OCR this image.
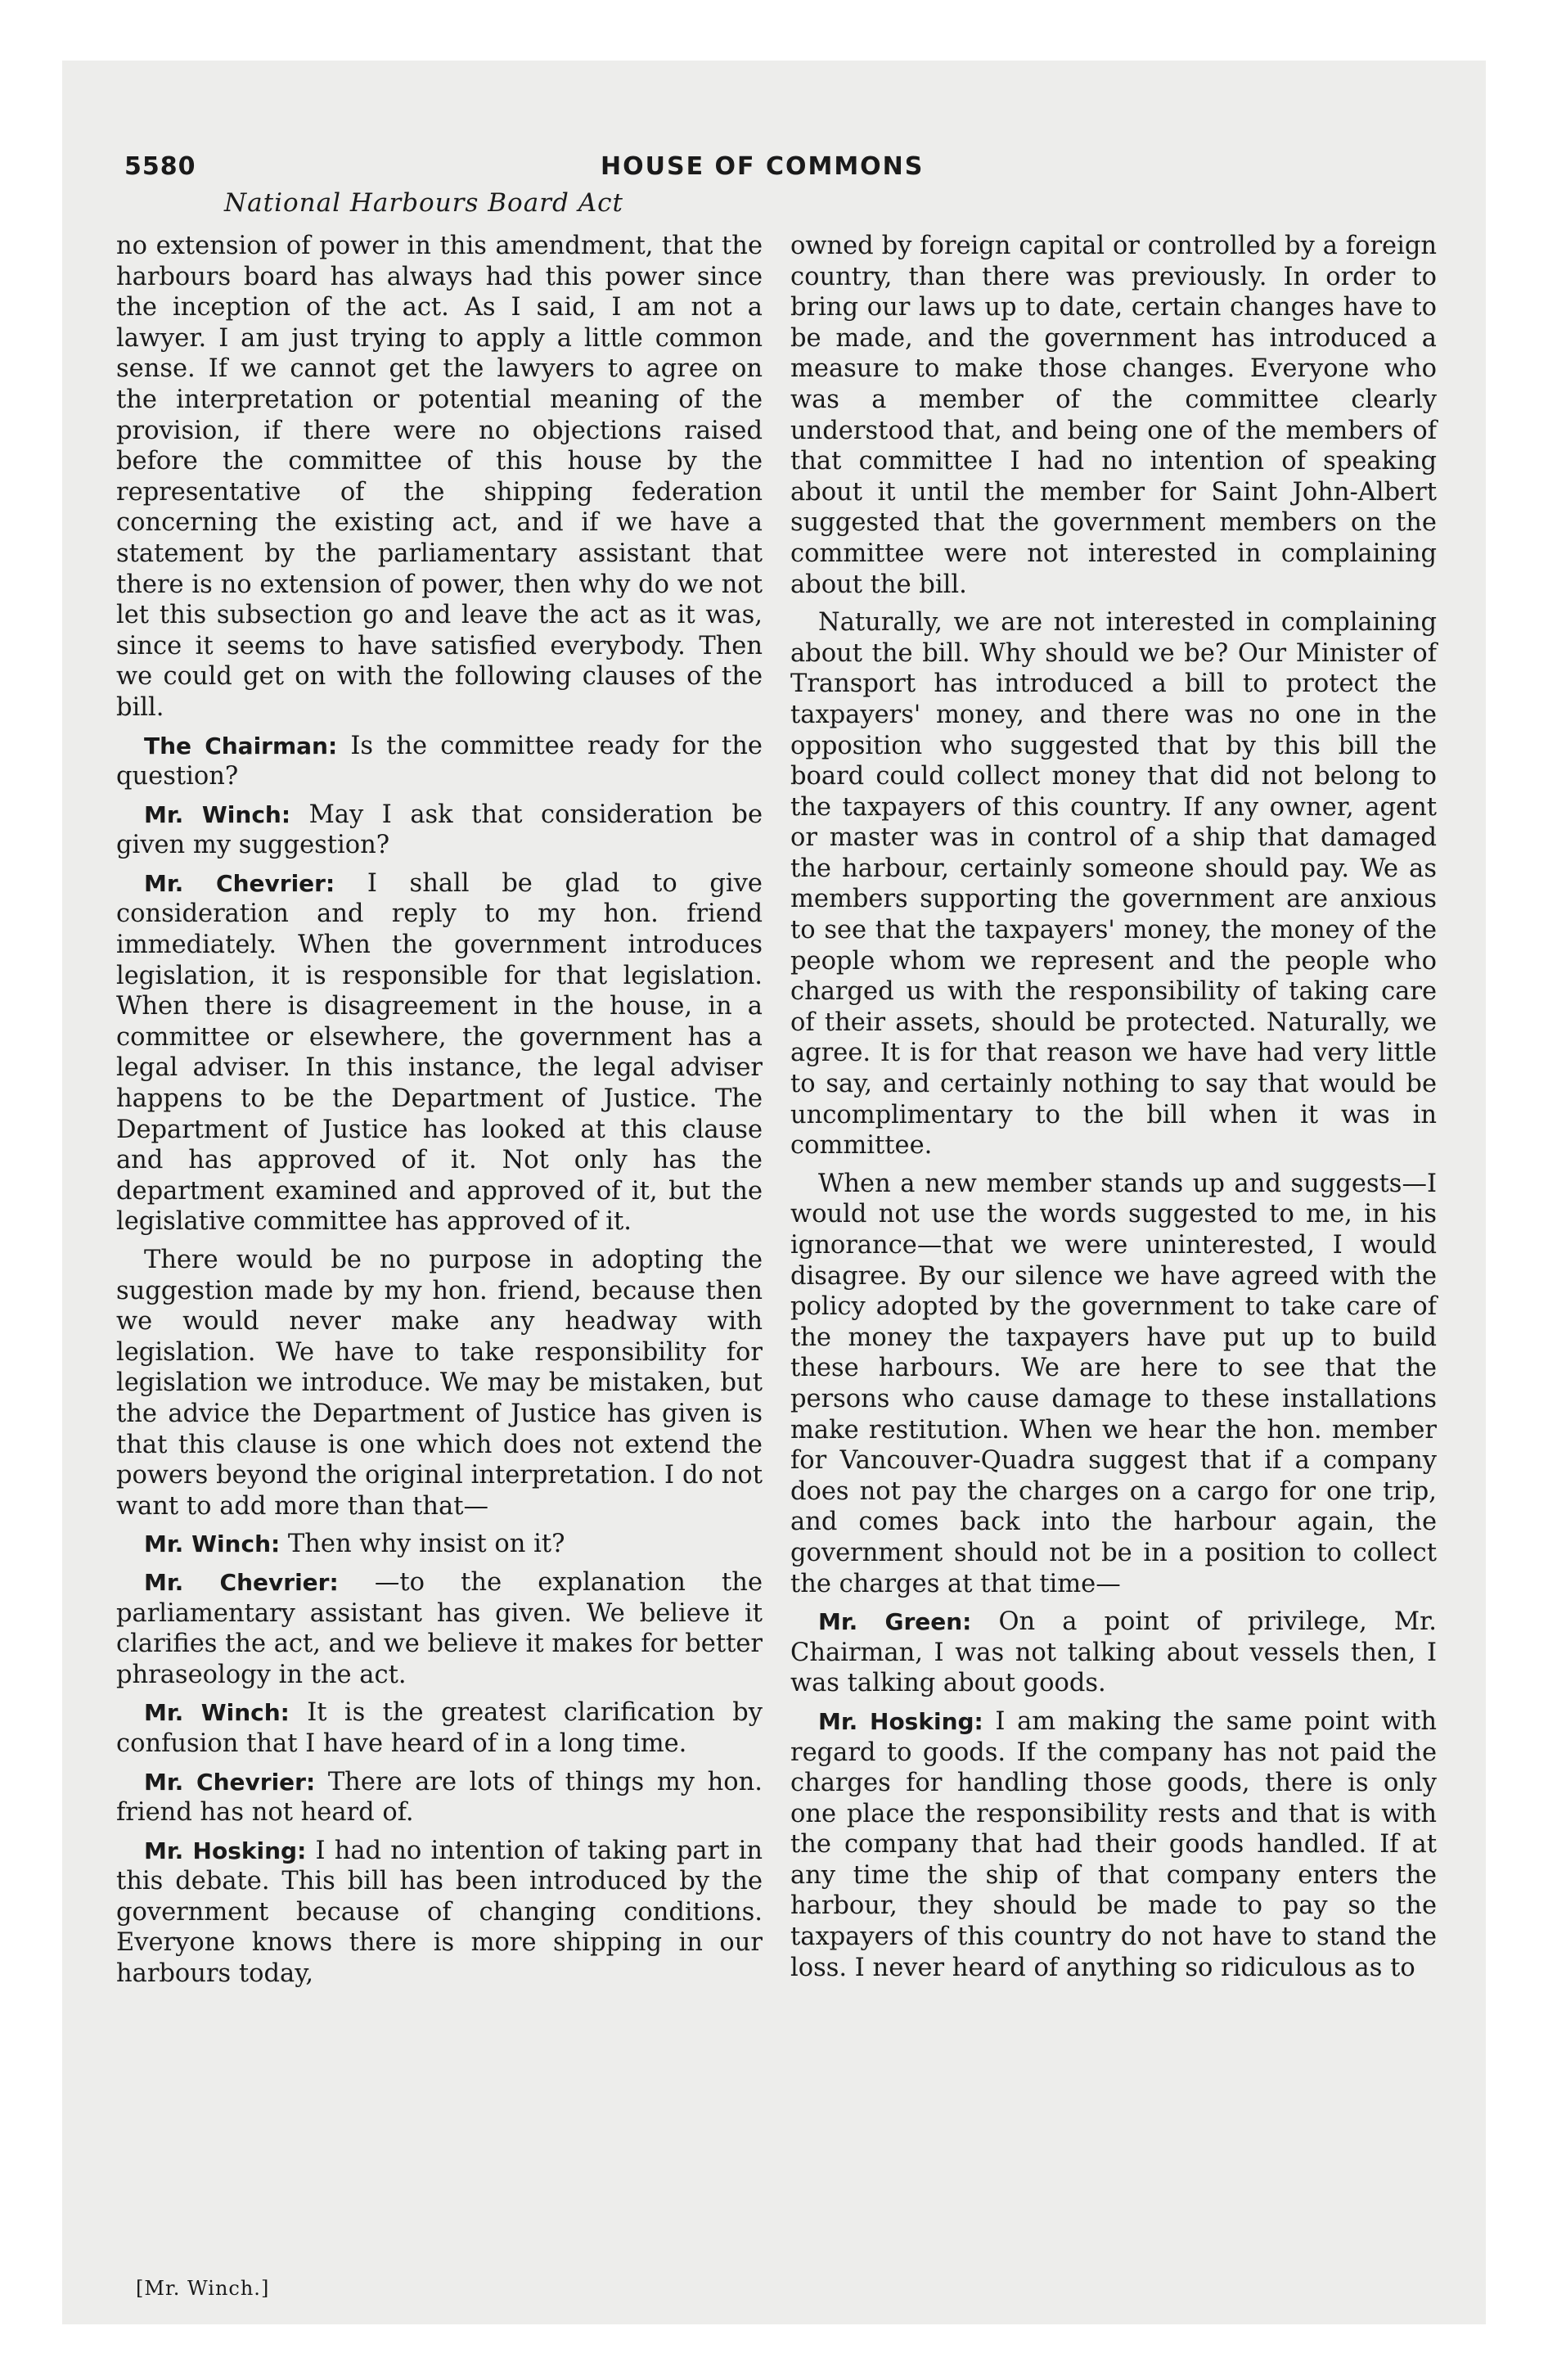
5580	HOUSE OF COMMONS
National Harbours Board Act

no extension of power in this amendment, that the harbours board has always had this power since the inception of the act. As I said, I am not a lawyer. I am just trying to apply a little common sense. If we cannot get the lawyers to agree on the interpretation or potential meaning of the provision, if there were no objections raised before the committee of this house by the representative of the shipping federation concerning the existing act, and if we have a statement by the parliamentary assistant that there is no extension of power, then why do we not let this subsection go and leave the act as it was, since it seems to have satisfied everybody. Then we could get on with the following clauses of the bill.

The Chairman: Is the committee ready for the question?

Mr. Winch: May I ask that consideration be given my suggestion?

Mr. Chevrier: I shall be glad to give consideration and reply to my hon. friend immediately. When the government introduces legislation, it is responsible for that legislation. When there is disagreement in the house, in a committee or elsewhere, the government has a legal adviser. In this instance, the legal adviser happens to be the Department of Justice. The Department of Justice has looked at this clause and has approved of it. Not only has the department examined and approved of it, but the legislative committee has approved of it.

There would be no purpose in adopting the suggestion made by my hon. friend, because then we would never make any headway with legislation. We have to take responsibility for legislation we introduce. We may be mistaken, but the advice the Department of Justice has given is that this clause is one which does not extend the powers beyond the original interpretation. I do not want to add more than that—

Mr. Winch: Then why insist on it?

Mr. Chevrier: —to the explanation the parliamentary assistant has given. We believe it clarifies the act, and we believe it makes for better phraseology in the act.

Mr. Winch: It is the greatest clarification by confusion that I have heard of in a long time.

Mr. Chevrier: There are lots of things my hon. friend has not heard of.

Mr. Hosking: I had no intention of taking part in this debate. This bill has been introduced by the government because of changing conditions. Everyone knows there is more shipping in our harbours today,

owned by foreign capital or controlled by a foreign country, than there was previously. In order to bring our laws up to date, certain changes have to be made, and the government has introduced a measure to make those changes. Everyone who was a member of the committee clearly understood that, and being one of the members of that committee I had no intention of speaking about it until the member for Saint John-Albert suggested that the government members on the committee were not interested in complaining about the bill.

Naturally, we are not interested in complaining about the bill. Why should we be? Our Minister of Transport has introduced a bill to protect the taxpayers' money, and there was no one in the opposition who suggested that by this bill the board could collect money that did not belong to the taxpayers of this country. If any owner, agent or master was in control of a ship that damaged the harbour, certainly someone should pay. We as members supporting the government are anxious to see that the taxpayers' money, the money of the people whom we represent and the people who charged us with the responsibility of taking care of their assets, should be protected. Naturally, we agree. It is for that reason we have had very little to say, and certainly nothing to say that would be uncomplimentary to the bill when it was in committee.

When a new member stands up and suggests—I would not use the words suggested to me, in his ignorance—that we were uninterested, I would disagree. By our silence we have agreed with the policy adopted by the government to take care of the money the taxpayers have put up to build these harbours. We are here to see that the persons who cause damage to these installations make restitution. When we hear the hon. member for Vancouver-Quadra suggest that if a company does not pay the charges on a cargo for one trip, and comes back into the harbour again, the government should not be in a position to collect the charges at that time—

Mr. Green: On a point of privilege, Mr. Chairman, I was not talking about vessels then, I was talking about goods.

Mr. Hosking: I am making the same point with regard to goods. If the company has not paid the charges for handling those goods, there is only one place the responsibility rests and that is with the company that had their goods handled. If at any time the ship of that company enters the harbour, they should be made to pay so the taxpayers of this country do not have to stand the loss. I never heard of anything so ridiculous as to

[Mr. Winch.]
